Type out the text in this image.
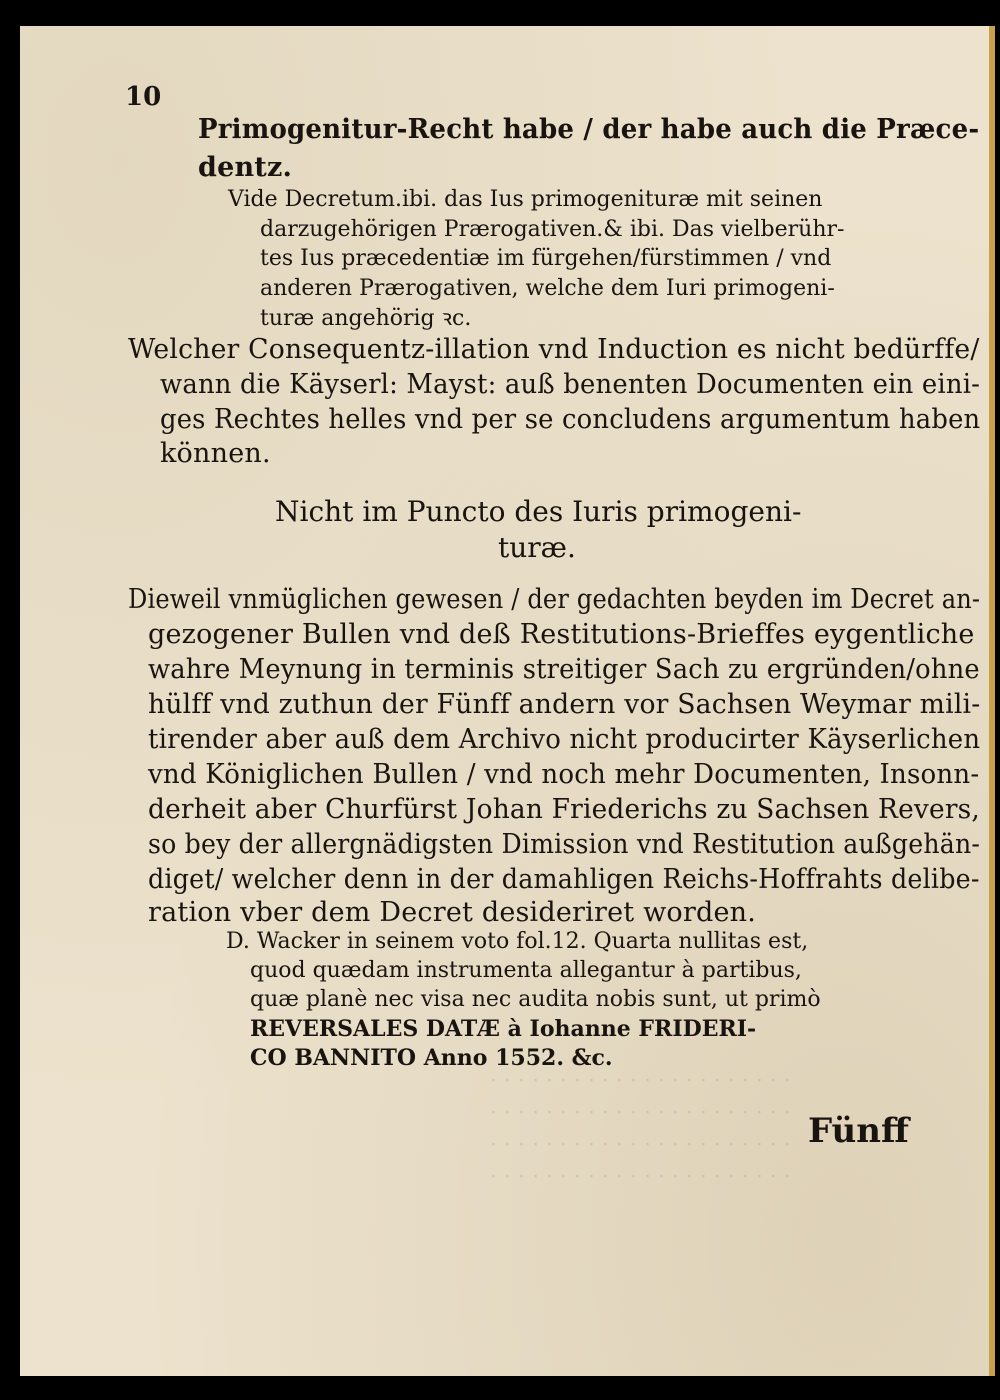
· · · · · · · · · · · · · · · · · · · · · ·
· · · · · · · · · · · · · · · · · · · · · ·
· · · · · · · · · · · · · · · · · · · · · ·
· · · · · · · · · · · · · · · · · · · · · ·
10
Primogenitur-Recht habe / der habe auch die Præce-
dentz.
Vide Decretum.ibi. das Ius primogenituræ mit seinen
darzugehörigen Prærogativen.& ibi. Das vielberühr-
tes Ius præcedentiæ im fürgehen/fürstimmen / vnd
anderen Prærogativen, welche dem Iuri primogeni-
turæ angehörig ꝛc.
Welcher Consequentz-illation vnd Induction es nicht bedürffe/
wann die Käyserl: Mayst: auß benenten Documenten ein eini-
ges Rechtes helles vnd per se concludens argumentum haben
können.
Nicht im Puncto des Iuris primogeni-
turæ.
Dieweil vnmüglichen gewesen / der gedachten beyden im Decret an-
gezogener Bullen vnd deß Restitutions-Brieffes eygentliche
wahre Meynung in terminis streitiger Sach zu ergründen/ohne
hülff vnd zuthun der Fünff andern vor Sachsen Weymar mili-
tirender aber auß dem Archivo nicht producirter Käyserlichen
vnd Königlichen Bullen / vnd noch mehr Documenten, Insonn-
derheit aber Churfürst Johan Friederichs zu Sachsen Revers,
so bey der allergnädigsten Dimission vnd Restitution außgehän-
diget/ welcher denn in der damahligen Reichs-Hoffrahts delibe-
ration vber dem Decret desideriret worden.
D. Wacker in seinem voto fol.12. Quarta nullitas est,
quod quædam instrumenta allegantur à partibus,
quæ planè nec visa nec audita nobis sunt, ut primò
REVERSALES DATÆ à Iohanne FRIDERI-
CO BANNITO Anno 1552. &c.
Fünff
